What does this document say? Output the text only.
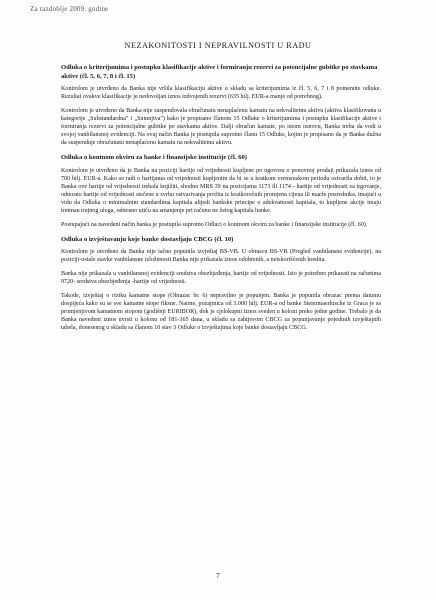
Za razdoblje 2009. godine
NEZAKONITOSTI I NEPRAVILNOSTI U RADU
Odluka o kriterijumima i postupku klasifikacije aktive i formiranju rezervi za potencijalne gubitke po stavkama aktive (čl. 5, 6, 7, 8 i čl. 15)

Kontrolom je utvrđeno da Banka nije vršila klasifikaciju aktive u skladu sa kriterijumima iz čl. 5, 6, 7 i 8 pomenute odluke. Rezultat ovakve klasifikacije je nedovoljan iznos izdvojenih rezervi (635 hilj. EUR-a manje od potrebnog).

Kontrolom je utvrđeno da Banka nije suspendovala obračunatu nenaplaćenu kamatu na nekvalitetnu aktivu (aktiva klasifikovana u kategorije „Substandardna" i „Sumnjiva") kako je propisano članom 15 Odluke o kriterijumima i postupku klasifikacije aktive i formiranja rezervi za potencijalne gubitke po stavkama aktive. Dalji obračun kamate, po istom osnovu, Banka treba da vodi u svojoj vanbilansnoj evidenciji. Na ovaj način Banka je postupila suprotno članu 15 Odluke, kojim je propisano da je Banka dužna da suspenduje obračunatu nenaplaćenu kamatu na nekvalitetnu aktivu.

Odluka o kontnom okviru za banke i finansijske institucije (čl. 60)

Kontrolom je utvrđeno da je Banka na poziciji hartije od vrijednosti kupljene po ugovoru o ponovnoj prodaji prikazala iznos od 700 hilj. EUR-a. Kako se radi o hartijama od vrijednosti kupljenim da bi se u kratkom vremenskom periodu ostvarila dobit, to je Banka ove hartije od vrijednosti trebala knjižiti, shodno MRS 39 na pozicijama 1173 ili 1174 - hartije od vrijednosti za trgovanje, odnosno hartije od vrijednosti stečene u svrhu ostvarivanja profita iz kratkoročnih promjena cijena ili marže posrednika, imajući u vidu da Odluka o minimalnim standardima kapitala alijedi bankske principe o adekvatnosti kapitala, to kupljene akcije imaju tretman trajnog uloga, odnosno utiču na smanjenje pri računu ne žetog kapitala banke.

Postupajući na navedeni način banka je postupila suprotno Odluci o kontnom okviru za banke i finansijske institucije (čl. 60).

Odluka o izvještavanju koje banke dostavljaju CBCG (čl. 10)

Kontrolom je utvrđeno da Banka nije tačno popunila izvještaj BS-VB. U obrascu BS-VB (Pregled vanbilansne evidencije), na poziciji-ostale stavke vanbilansne izloženosti Banka nije prikazala iznos odobrenih, a neiskorišćenih kredita.

Banka nije prikazala u vanbilansnoj evidenciji sredstva obezbjeđenja, hartije od vrijednosti. Isto je potrebno prikazati na računima 9720- sredstva obezbjeđenja -hartije od vrijednosti.

Takođe, izvještaj o riziku kamatne stope (Obrazac br. 6) nepravilno je popunjen. Banka je popunila obrazac prema datumu dospijeća kako su se sve kamatne stope fiksne. Naime, pozajmica od 3.000 hilj. EUR-a od banke Steiermaerkische iz Graca je sa promjenjivom kamatnom stopom (godišnji EURIBOR), dok je cjelokupni iznos sveden u koloni preko jedne godine. Trebalo je da Banka navedeni iznos uvrsti u kolonu od 181-365 dana, u skladu sa zahtjevom CBCG za popunjavanje pojedinih izvještajnih tabela, donesenog u skladu sa članom 10 stav 3 Odluke o izvještajima koje banke dostavljaju CBCG.

7
